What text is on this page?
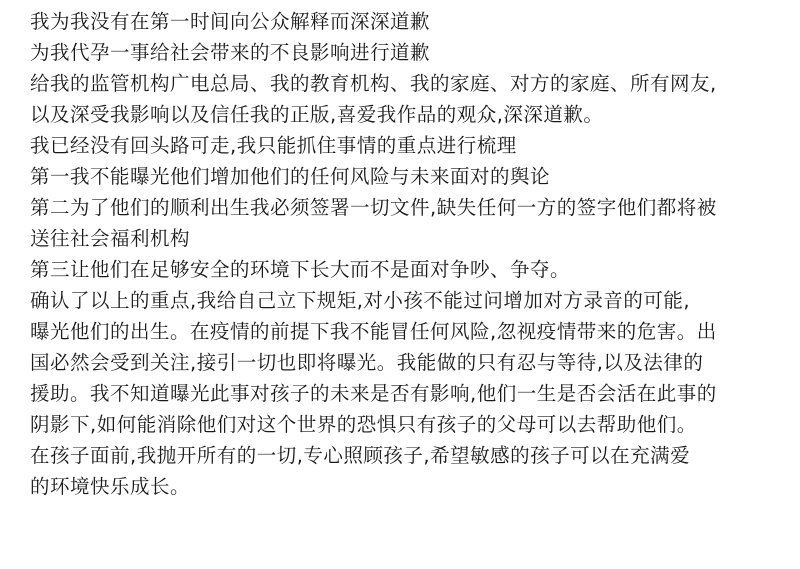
我为我没有在第一时间向公众解释而深深道歉
为我代孕一事给社会带来的不良影响进行道歉
给我的监管机构广电总局、我的教育机构、我的家庭、对方的家庭、所有网友,
以及深受我影响以及信任我的正版,喜爱我作品的观众,深深道歉。
我已经没有回头路可走,我只能抓住事情的重点进行梳理
第一我不能曝光他们增加他们的任何风险与未来面对的舆论
第二为了他们的顺利出生我必须签署一切文件,缺失任何一方的签字他们都将被
送往社会福利机构
第三让他们在足够安全的环境下长大而不是面对争吵、争夺。
确认了以上的重点,我给自己立下规矩,对小孩不能过问增加对方录音的可能,
曝光他们的出生。在疫情的前提下我不能冒任何风险,忽视疫情带来的危害。出
国必然会受到关注,接引一切也即将曝光。我能做的只有忍与等待,以及法律的
援助。我不知道曝光此事对孩子的未来是否有影响,他们一生是否会活在此事的
阴影下,如何能消除他们对这个世界的恐惧只有孩子的父母可以去帮助他们。
在孩子面前,我抛开所有的一切,专心照顾孩子,希望敏感的孩子可以在充满爱
的环境快乐成长。
